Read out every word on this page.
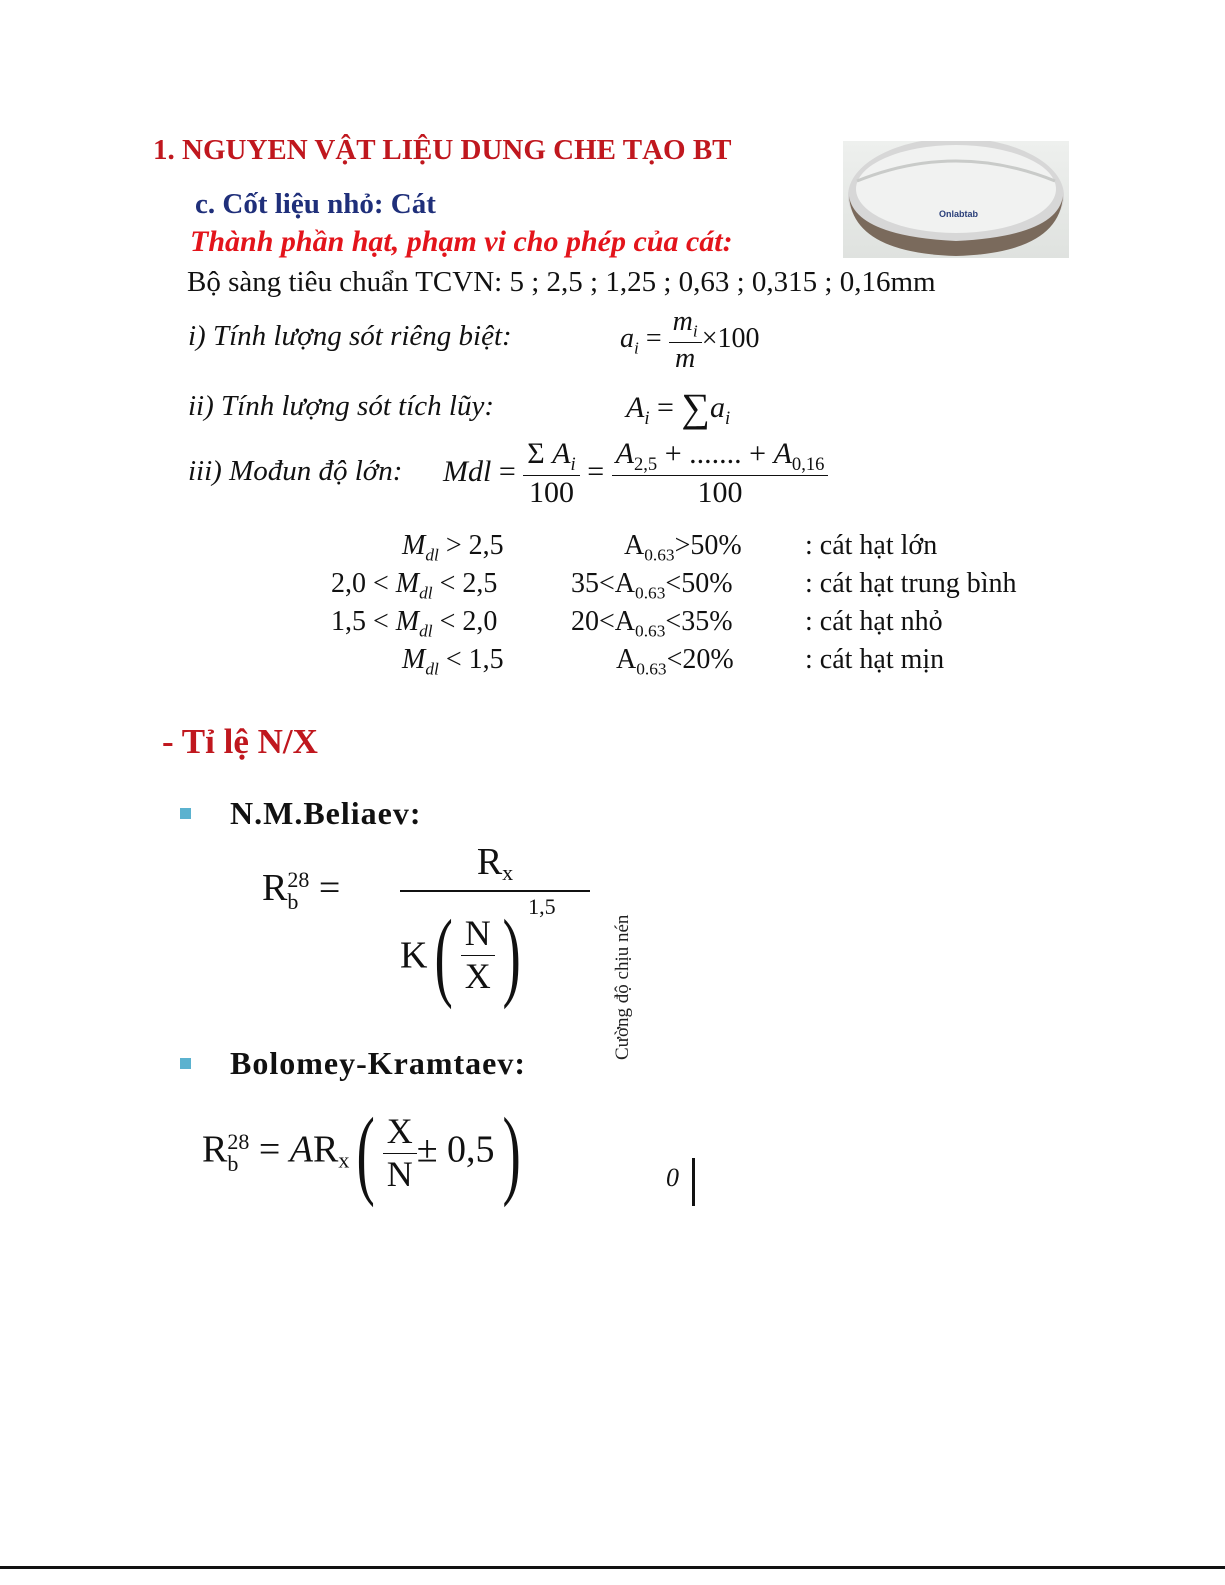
1. NGUYEN VẬT LIỆU DUNG CHE TẠO BT
c. Cốt liệu nhỏ: Cát
Thành phần hạt, phạm vi cho phép của cát:
Bộ sàng tiêu chuẩn TCVN: 5 ; 2,5 ; 1,25 ; 0,63 ; 0,315 ; 0,16mm
Onlabtab
i) Tính lượng sót riêng biệt:	$a_i = \frac{m_i}{m} \times 100$
ii) Tính lượng sót tích lũy:	$A_i = \sum a_i$
iii) Mođun độ lớn: Mdl = $\frac{\Sigma A_i}{100} = \frac{A_{2,5} + ....... + A_{0,16}}{100}$
$M_{dl} > 2,5$	$A_{0.63}>50\%$ : cát hạt lớn
$2,0 < M_{dl} < 2,5$	$35<A_{0.63}<50\%$	: cát hạt trung bình
$1,5 < M_{dl} < 2,0$	$20<A_{0.63}<35\%$	: cát hạt nhỏ
$M_{dl} < 1,5$	$A_{0.63}<20\%$	: cát hạt mịn
- Tỉ lệ N/X
N.M.Beliaev:
R 28
b =
Rx
$K( \frac{N}{X}$ ) $^{1,5}$
Bolomey-Kramtaev:
R 28
$b = ARx( \frac{X}{N} \pm 0,5)$
Cường độ chịu nén
0
